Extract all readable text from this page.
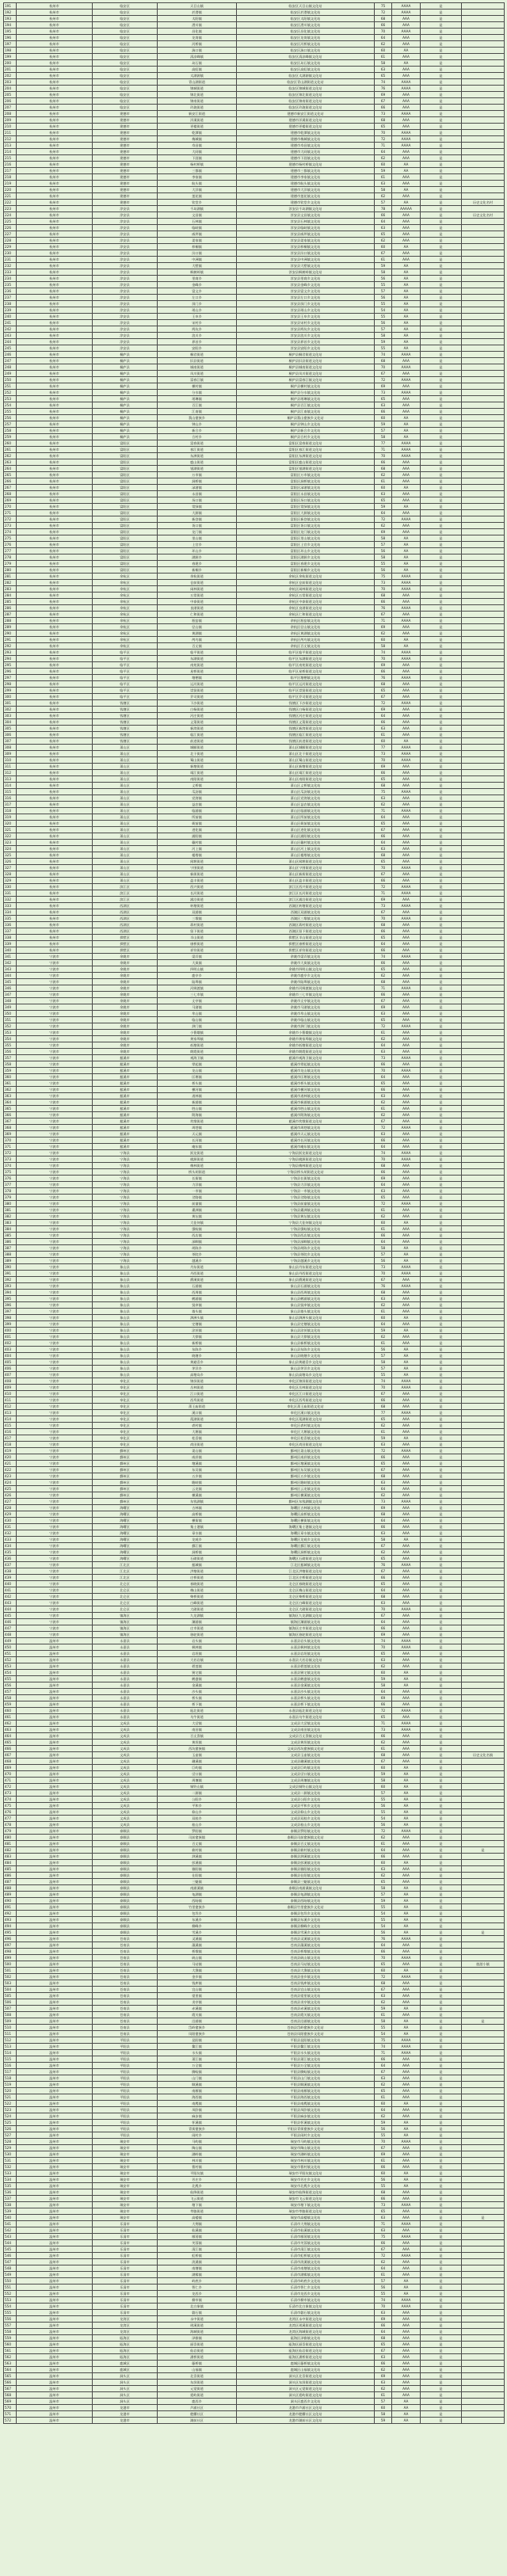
191	杭州市	临安区	天目山镇	临安区天目山镇文化站	75	AAAA	是	
192	杭州市	临安区	於潜镇	临安区於潜镇文化站	72	AAAA	是	
193	杭州市	临安区	太阳镇	临安区太阳镇文化站	68	AAA	是	
194	杭州市	临安区	潜川镇	临安区潜川镇文化站	66	AAA	是	
195	杭州市	临安区	昌化镇	临安区昌化镇文化站	70	AAAA	是	
196	杭州市	临安区	龙岗镇	临安区龙岗镇文化站	64	AAA	是	
197	杭州市	临安区	河桥镇	临安区河桥镇文化站	62	AAA	是	
198	杭州市	临安区	湍口镇	临安区湍口镇文化站	60	AA	是	
199	杭州市	临安区	清凉峰镇	临安区清凉峰镇文化站	61	AAA	是	
200	杭州市	临安区	岛石镇	临安区岛石镇文化站	58	AA	是	
201	杭州市	临安区	高虹镇	临安区高虹镇文化站	63	AAA	是	
202	杭州市	临安区	太湖源镇	临安区太湖源镇文化站	65	AAA	是	
203	杭州市	临安区	青山湖街道	临安区青山湖街道文化站	74	AAAA	是	
204	杭州市	临安区	锦城街道	临安区锦城街道文化站	76	AAAA	是	
205	杭州市	临安区	锦北街道	临安区锦北街道文化站	69	AAA	是	
206	杭州市	临安区	锦南街道	临安区锦南街道文化站	67	AAA	是	
207	杭州市	临安区	玲珑街道	临安区玲珑街道文化站	66	AAA	是	
208	杭州市	建德市	新安江街道	建德市新安江街道文化站	73	AAAA	是	
209	杭州市	建德市	洋溪街道	建德市洋溪街道文化站	68	AAA	是	
210	杭州市	建德市	更楼街道	建德市更楼街道文化站	65	AAA	是	
211	杭州市	建德市	乾潭镇	建德市乾潭镇文化站	70	AAAA	是	
212	杭州市	建德市	梅城镇	建德市梅城镇文化站	72	AAAA	是	
213	杭州市	建德市	寿昌镇	建德市寿昌镇文化站	71	AAAA	是	
214	杭州市	建德市	大同镇	建德市大同镇文化站	64	AAA	是	
215	杭州市	建德市	下涯镇	建德市下涯镇文化站	62	AAA	是	
216	杭州市	建德市	杨村桥镇	建德市杨村桥镇文化站	60	AA	是	
217	杭州市	建德市	三都镇	建德市三都镇文化站	59	AA	是	
218	杭州市	建德市	李家镇	建德市李家镇文化站	61	AAA	是	
219	杭州市	建德市	航头镇	建德市航头镇文化站	63	AAA	是	
220	杭州市	建德市	大洋镇	建德市大洋镇文化站	58	AA	是	
221	杭州市	建德市	莲花镇	建德市莲花镇文化站	62	AAA	是	
222	杭州市	建德市	钦堂乡	建德市钦堂乡文化站	57	AA	是	历史文化名村
223	杭州市	淳安县	千岛湖镇	淳安县千岛湖镇文化站	78	AAAAA	是	
224	杭州市	淳安县	文昌镇	淳安县文昌镇文化站	66	AAA	是	历史文化名村
225	杭州市	淳安县	石林镇	淳安县石林镇文化站	64	AAA	是	
226	杭州市	淳安县	临岐镇	淳安县临岐镇文化站	63	AAA	是	
227	杭州市	淳安县	威坪镇	淳安县威坪镇文化站	65	AAA	是	
228	杭州市	淳安县	姜家镇	淳安县姜家镇文化站	62	AAA	是	
229	杭州市	淳安县	梓桐镇	淳安县梓桐镇文化站	60	AA	是	
230	杭州市	淳安县	汾口镇	淳安县汾口镇文化站	67	AAA	是	
231	杭州市	淳安县	中洲镇	淳安县中洲镇文化站	61	AAA	是	
232	杭州市	淳安县	大墅镇	淳安县大墅镇文化站	59	AA	是	
233	杭州市	淳安县	枫树岭镇	淳安县枫树岭镇文化站	58	AA	是	
234	杭州市	淳安县	里商乡	淳安县里商乡文化站	56	AA	是	
235	杭州市	淳安县	金峰乡	淳安县金峰乡文化站	55	AA	是	
236	杭州市	淳安县	富文乡	淳安县富文乡文化站	57	AA	是	
237	杭州市	淳安县	左口乡	淳安县左口乡文化站	56	AA	是	
238	杭州市	淳安县	屏门乡	淳安县屏门乡文化站	55	AA	是	
239	杭州市	淳安县	瑶山乡	淳安县瑶山乡文化站	54	AA	是	
240	杭州市	淳安县	王阜乡	淳安县王阜乡文化站	55	AA	是	
241	杭州市	淳安县	宋村乡	淳安县宋村乡文化站	56	AA	是	
242	杭州市	淳安县	鸠坑乡	淳安县鸠坑乡文化站	57	AA	是	
243	杭州市	淳安县	浪川乡	淳安县浪川乡文化站	58	AA	是	
244	杭州市	淳安县	界首乡	淳安县界首乡文化站	59	AA	是	
245	杭州市	淳安县	安阳乡	淳安县安阳乡文化站	55	AA	是	
246	杭州市	桐庐县	桐君街道	桐庐县桐君街道文化站	74	AAAA	是	
247	杭州市	桐庐县	旧县街道	桐庐县旧县街道文化站	68	AAA	是	
248	杭州市	桐庐县	城南街道	桐庐县城南街道文化站	70	AAAA	是	
249	杭州市	桐庐县	凤川街道	桐庐县凤川街道文化站	67	AAA	是	
250	杭州市	桐庐县	富春江镇	桐庐县富春江镇文化站	72	AAAA	是	
251	杭州市	桐庐县	横村镇	桐庐县横村镇文化站	69	AAA	是	
252	杭州市	桐庐县	分水镇	桐庐县分水镇文化站	73	AAAA	是	
253	杭州市	桐庐县	瑶琳镇	桐庐县瑶琳镇文化站	65	AAA	是	
254	杭州市	桐庐县	百江镇	桐庐县百江镇文化站	63	AAA	是	
255	杭州市	桐庐县	江南镇	桐庐县江南镇文化站	66	AAA	是	
256	杭州市	桐庐县	莪山畲族乡	桐庐县莪山畲族乡文化站	60	AA	是	
257	杭州市	桐庐县	钟山乡	桐庐县钟山乡文化站	59	AA	是	
258	杭州市	桐庐县	新合乡	桐庐县新合乡文化站	57	AA	是	
259	杭州市	桐庐县	合村乡	桐庐县合村乡文化站	58	AA	是	
260	杭州市	富阳区	富春街道	富阳区富春街道文化站	77	AAAA	是	
261	杭州市	富阳区	春江街道	富阳区春江街道文化站	71	AAAA	是	
262	杭州市	富阳区	东洲街道	富阳区东洲街道文化站	70	AAAA	是	
263	杭州市	富阳区	鹿山街道	富阳区鹿山街道文化站	66	AAA	是	
264	杭州市	富阳区	银湖街道	富阳区银湖街道文化站	68	AAA	是	
265	杭州市	富阳区	万市镇	富阳区万市镇文化站	62	AAA	是	
266	杭州市	富阳区	洞桥镇	富阳区洞桥镇文化站	61	AAA	是	
267	杭州市	富阳区	渌渚镇	富阳区渌渚镇文化站	60	AA	是	
268	杭州市	富阳区	永昌镇	富阳区永昌镇文化站	63	AAA	是	
269	杭州市	富阳区	场口镇	富阳区场口镇文化站	65	AAA	是	
270	杭州市	富阳区	常绿镇	富阳区常绿镇文化站	59	AA	是	
271	杭州市	富阳区	大源镇	富阳区大源镇文化站	64	AAA	是	
272	杭州市	富阳区	新登镇	富阳区新登镇文化站	72	AAAA	是	
273	杭州市	富阳区	胥口镇	富阳区胥口镇文化站	62	AAA	是	
274	杭州市	富阳区	龙门镇	富阳区龙门镇文化站	69	AAA	是	
275	杭州市	富阳区	里山镇	富阳区里山镇文化站	58	AA	是	
276	杭州市	富阳区	上官乡	富阳区上官乡文化站	57	AA	是	
277	杭州市	富阳区	环山乡	富阳区环山乡文化站	56	AA	是	
278	杭州市	富阳区	湖源乡	富阳区湖源乡文化站	58	AA	是	
279	杭州市	富阳区	春建乡	富阳区春建乡文化站	55	AA	是	
280	杭州市	富阳区	新桐乡	富阳区新桐乡文化站	56	AA	是	
281	杭州市	余杭区	余杭街道	余杭区余杭街道文化站	75	AAAA	是	
282	杭州市	余杭区	仓前街道	余杭区仓前街道文化站	73	AAAA	是	
283	杭州市	余杭区	闲林街道	余杭区闲林街道文化站	70	AAAA	是	
284	杭州市	余杭区	五常街道	余杭区五常街道文化站	68	AAA	是	
285	杭州市	余杭区	中泰街道	余杭区中泰街道文化站	66	AAA	是	
286	杭州市	余杭区	良渚街道	余杭区良渚街道文化站	76	AAAA	是	
287	杭州市	余杭区	仁和街道	余杭区仁和街道文化站	67	AAA	是	
288	杭州市	余杭区	瓶窑镇	余杭区瓶窑镇文化站	71	AAAA	是	
289	杭州市	余杭区	径山镇	余杭区径山镇文化站	69	AAA	是	
290	杭州市	余杭区	黄湖镇	余杭区黄湖镇文化站	62	AAA	是	
291	杭州市	余杭区	鸬鸟镇	余杭区鸬鸟镇文化站	60	AA	是	
292	杭州市	余杭区	百丈镇	余杭区百丈镇文化站	58	AA	是	
293	杭州市	临平区	临平街道	临平区临平街道文化站	74	AAAA	是	
294	杭州市	临平区	东湖街道	临平区东湖街道文化站	70	AAAA	是	
295	杭州市	临平区	南苑街道	临平区南苑街道文化站	69	AAA	是	
296	杭州市	临平区	星桥街道	临平区星桥街道文化站	66	AAA	是	
297	杭州市	临平区	塘栖镇	临平区塘栖镇文化站	76	AAAA	是	
298	杭州市	临平区	运河街道	临平区运河街道文化站	68	AAA	是	
299	杭州市	临平区	崇贤街道	临平区崇贤街道文化站	65	AAA	是	
300	杭州市	临平区	乔司街道	临平区乔司街道文化站	67	AAA	是	
301	杭州市	钱塘区	下沙街道	钱塘区下沙街道文化站	72	AAAA	是	
302	杭州市	钱塘区	白杨街道	钱塘区白杨街道文化站	69	AAA	是	
303	杭州市	钱塘区	河庄街道	钱塘区河庄街道文化站	64	AAA	是	
304	杭州市	钱塘区	义蓬街道	钱塘区义蓬街道文化站	66	AAA	是	
305	杭州市	钱塘区	新湾街道	钱塘区新湾街道文化站	63	AAA	是	
306	杭州市	钱塘区	临江街道	钱塘区临江街道文化站	61	AAA	是	
307	杭州市	钱塘区	前进街道	钱塘区前进街道文化站	60	AA	是	
308	杭州市	萧山区	城厢街道	萧山区城厢街道文化站	77	AAAA	是	
309	杭州市	萧山区	北干街道	萧山区北干街道文化站	73	AAAA	是	
310	杭州市	萧山区	蜀山街道	萧山区蜀山街道文化站	70	AAAA	是	
311	杭州市	萧山区	新塘街道	萧山区新塘街道文化站	69	AAA	是	
312	杭州市	萧山区	靖江街道	萧山区靖江街道文化站	66	AAA	是	
313	杭州市	萧山区	南阳街道	萧山区南阳街道文化站	65	AAA	是	
314	杭州市	萧山区	义桥镇	萧山区义桥镇文化站	68	AAA	是	
315	杭州市	萧山区	瓜沥镇	萧山区瓜沥镇文化站	75	AAAA	是	
316	杭州市	萧山区	党湾镇	萧山区党湾镇文化站	63	AAA	是	
317	杭州市	萧山区	益农镇	萧山区益农镇文化站	62	AAA	是	
318	杭州市	萧山区	临浦镇	萧山区临浦镇文化站	71	AAAA	是	
319	杭州市	萧山区	所前镇	萧山区所前镇文化站	64	AAA	是	
320	杭州市	萧山区	衙前镇	萧山区衙前镇文化站	65	AAA	是	
321	杭州市	萧山区	进化镇	萧山区进化镇文化站	67	AAA	是	
322	杭州市	萧山区	浦阳镇	萧山区浦阳镇文化站	66	AAA	是	
323	杭州市	萧山区	戴村镇	萧山区戴村镇文化站	64	AAA	是	
324	杭州市	萧山区	河上镇	萧山区河上镇文化站	63	AAA	是	
325	杭州市	萧山区	楼塔镇	萧山区楼塔镇文化站	68	AAA	是	
326	杭州市	萧山区	闻堰街道	萧山区闻堰街道文化站	65	AAA	是	
327	杭州市	萧山区	宁围街道	萧山区宁围街道文化站	70	AAAA	是	
328	杭州市	萧山区	新街街道	萧山区新街街道文化站	67	AAA	是	
329	杭州市	萧山区	盈丰街道	萧山区盈丰街道文化站	66	AAA	是	
330	杭州市	滨江区	西兴街道	滨江区西兴街道文化站	72	AAAA	是	
331	杭州市	滨江区	长河街道	滨江区长河街道文化站	71	AAAA	是	
332	杭州市	滨江区	浦沿街道	滨江区浦沿街道文化站	69	AAA	是	
333	杭州市	西湖区	转塘街道	西湖区转塘街道文化站	73	AAAA	是	
334	杭州市	西湖区	双浦镇	西湖区双浦镇文化站	67	AAA	是	
335	杭州市	西湖区	三墩镇	西湖区三墩镇文化站	70	AAAA	是	
336	杭州市	西湖区	蒋村街道	西湖区蒋村街道文化站	68	AAA	是	
337	杭州市	西湖区	留下街道	西湖区留下街道文化站	66	AAA	是	
338	杭州市	拱墅区	半山街道	拱墅区半山街道文化站	65	AAA	是	
339	杭州市	拱墅区	康桥街道	拱墅区康桥街道文化站	64	AAA	是	
340	杭州市	拱墅区	祥符街道	拱墅区祥符街道文化站	66	AAA	是	
341	宁波市	余姚市	梁弄镇	余姚市梁弄镇文化站	74	AAAA	是	
342	宁波市	余姚市	大岚镇	余姚市大岚镇文化站	66	AAA	是	
343	宁波市	余姚市	四明山镇	余姚市四明山镇文化站	65	AAA	是	
344	宁波市	余姚市	鹿亭乡	余姚市鹿亭乡文化站	62	AAA	是	
345	宁波市	余姚市	陆埠镇	余姚市陆埠镇文化站	68	AAA	是	
346	宁波市	余姚市	河姆渡镇	余姚市河姆渡镇文化站	71	AAAA	是	
347	宁波市	余姚市	三七市镇	余姚市三七市镇文化站	66	AAA	是	
348	宁波市	余姚市	丈亭镇	余姚市丈亭镇文化站	67	AAA	是	
349	宁波市	余姚市	马渚镇	余姚市马渚镇文化站	69	AAA	是	
350	宁波市	余姚市	牟山镇	余姚市牟山镇文化站	63	AAA	是	
351	宁波市	余姚市	临山镇	余姚市临山镇文化站	65	AAA	是	
352	宁波市	余姚市	泗门镇	余姚市泗门镇文化站	72	AAAA	是	
353	宁波市	余姚市	小曹娥镇	余姚市小曹娥镇文化站	61	AAA	是	
354	宁波市	余姚市	黄家埠镇	余姚市黄家埠镇文化站	62	AAA	是	
355	宁波市	余姚市	低塘街道	余姚市低塘街道文化站	64	AAA	是	
356	宁波市	余姚市	朗霞街道	余姚市朗霞街道文化站	63	AAA	是	
357	宁波市	慈溪市	观海卫镇	慈溪市观海卫镇文化站	73	AAAA	是	
358	宁波市	慈溪市	掌起镇	慈溪市掌起镇文化站	66	AAA	是	
359	宁波市	慈溪市	龙山镇	慈溪市龙山镇文化站	70	AAAA	是	
360	宁波市	慈溪市	匡堰镇	慈溪市匡堰镇文化站	64	AAA	是	
361	宁波市	慈溪市	桥头镇	慈溪市桥头镇文化站	65	AAA	是	
362	宁波市	慈溪市	横河镇	慈溪市横河镇文化站	66	AAA	是	
363	宁波市	慈溪市	逍林镇	慈溪市逍林镇文化站	63	AAA	是	
364	宁波市	慈溪市	新浦镇	慈溪市新浦镇文化站	62	AAA	是	
365	宁波市	慈溪市	胜山镇	慈溪市胜山镇文化站	61	AAA	是	
366	宁波市	慈溪市	附海镇	慈溪市附海镇文化站	62	AAA	是	
367	宁波市	慈溪市	坎墩街道	慈溪市坎墩街道文化站	67	AAA	是	
368	宁波市	慈溪市	周巷镇	慈溪市周巷镇文化站	72	AAAA	是	
369	宁波市	慈溪市	天元镇	慈溪市天元镇文化站	63	AAA	是	
370	宁波市	慈溪市	长河镇	慈溪市长河镇文化站	66	AAA	是	
371	宁波市	慈溪市	庵东镇	慈溪市庵东镇文化站	64	AAA	是	
372	宁波市	宁海县	跃龙街道	宁海县跃龙街道文化站	74	AAAA	是	
373	宁波市	宁海县	桃源街道	宁海县桃源街道文化站	70	AAAA	是	
374	宁波市	宁海县	梅林街道	宁海县梅林街道文化站	68	AAA	是	
375	宁波市	宁海县	桥头胡街道	宁海县桥头胡街道文化站	66	AAA	是	
376	宁波市	宁海县	长街镇	宁海县长街镇文化站	69	AAA	是	
377	宁波市	宁海县	力洋镇	宁海县力洋镇文化站	64	AAA	是	
378	宁波市	宁海县	一市镇	宁海县一市镇文化站	63	AAA	是	
379	宁波市	宁海县	岔路镇	宁海县岔路镇文化站	65	AAA	是	
380	宁波市	宁海县	前童镇	宁海县前童镇文化站	72	AAAA	是	
381	宁波市	宁海县	桑洲镇	宁海县桑洲镇文化站	61	AAA	是	
382	宁波市	宁海县	黄坛镇	宁海县黄坛镇文化站	62	AAA	是	
383	宁波市	宁海县	大佳何镇	宁海县大佳何镇文化站	60	AA	是	
384	宁波市	宁海县	强蛟镇	宁海县强蛟镇文化站	61	AAA	是	
385	宁波市	宁海县	西店镇	宁海县西店镇文化站	66	AAA	是	
386	宁波市	宁海县	深甽镇	宁海县深甽镇文化站	64	AAA	是	
387	宁波市	宁海县	胡陈乡	宁海县胡陈乡文化站	58	AA	是	
388	宁波市	宁海县	茶院乡	宁海县茶院乡文化站	57	AA	是	
389	宁波市	宁海县	越溪乡	宁海县越溪乡文化站	56	AA	是	
390	宁波市	象山县	丹东街道	象山县丹东街道文化站	73	AAAA	是	
391	宁波市	象山县	丹西街道	象山县丹西街道文化站	70	AAAA	是	
392	宁波市	象山县	爵溪街道	象山县爵溪街道文化站	67	AAA	是	
393	宁波市	象山县	石浦镇	象山县石浦镇文化站	76	AAAA	是	
394	宁波市	象山县	西周镇	象山县西周镇文化站	68	AAA	是	
395	宁波市	象山县	鹤浦镇	象山县鹤浦镇文化站	63	AAA	是	
396	宁波市	象山县	贤庠镇	象山县贤庠镇文化站	62	AAA	是	
397	宁波市	象山县	墙头镇	象山县墙头镇文化站	61	AAA	是	
398	宁波市	象山县	泗洲头镇	象山县泗洲头镇文化站	60	AA	是	
399	宁波市	象山县	定塘镇	象山县定塘镇文化站	64	AAA	是	
400	宁波市	象山县	涂茨镇	象山县涂茨镇文化站	59	AA	是	
401	宁波市	象山县	大徐镇	象山县大徐镇文化站	62	AAA	是	
402	宁波市	象山县	新桥镇	象山县新桥镇文化站	61	AAA	是	
403	宁波市	象山县	东陈乡	象山县东陈乡文化站	56	AA	是	
404	宁波市	象山县	晓塘乡	象山县晓塘乡文化站	57	AA	是	
405	宁波市	象山县	黄避岙乡	象山县黄避岙乡文化站	58	AA	是	
406	宁波市	象山县	茅洋乡	象山县茅洋乡文化站	57	AA	是	
407	宁波市	象山县	高塘岛乡	象山县高塘岛乡文化站	55	AA	是	
408	宁波市	奉化区	锦屏街道	奉化区锦屏街道文化站	74	AAAA	是	
409	宁波市	奉化区	岳林街道	奉化区岳林街道文化站	70	AAAA	是	
410	宁波市	奉化区	江口街道	奉化区江口街道文化站	67	AAA	是	
411	宁波市	奉化区	西坞街道	奉化区西坞街道文化站	66	AAA	是	
412	宁波市	奉化区	萧王庙街道	奉化区萧王庙街道文化站	68	AAA	是	
413	宁波市	奉化区	溪口镇	奉化区溪口镇文化站	77	AAAA	是	
414	宁波市	奉化区	莼湖街道	奉化区莼湖街道文化站	65	AAA	是	
415	宁波市	奉化区	裘村镇	奉化区裘村镇文化站	62	AAA	是	
416	宁波市	奉化区	大堰镇	奉化区大堰镇文化站	61	AAA	是	
417	宁波市	奉化区	松岙镇	奉化区松岙镇文化站	59	AA	是	
418	宁波市	奉化区	尚田街道	奉化区尚田街道文化站	63	AAA	是	
419	宁波市	鄞州区	姜山镇	鄞州区姜山镇文化站	72	AAAA	是	
420	宁波市	鄞州区	咸祥镇	鄞州区咸祥镇文化站	66	AAA	是	
421	宁波市	鄞州区	塘溪镇	鄞州区塘溪镇文化站	65	AAA	是	
422	宁波市	鄞州区	东吴镇	鄞州区东吴镇文化站	67	AAA	是	
423	宁波市	鄞州区	五乡镇	鄞州区五乡镇文化站	68	AAA	是	
424	宁波市	鄞州区	瞻岐镇	鄞州区瞻岐镇文化站	63	AAA	是	
425	宁波市	鄞州区	云龙镇	鄞州区云龙镇文化站	64	AAA	是	
426	宁波市	鄞州区	横溪镇	鄞州区横溪镇文化站	62	AAA	是	
427	宁波市	鄞州区	东钱湖镇	鄞州区东钱湖镇文化站	73	AAAA	是	
428	宁波市	海曙区	古林镇	海曙区古林镇文化站	69	AAA	是	
429	宁波市	海曙区	高桥镇	海曙区高桥镇文化站	68	AAA	是	
430	宁波市	海曙区	横街镇	海曙区横街镇文化站	64	AAA	是	
431	宁波市	海曙区	集士港镇	海曙区集士港镇文化站	66	AAA	是	
432	宁波市	海曙区	章水镇	海曙区章水镇文化站	63	AAA	是	
433	宁波市	海曙区	龙观乡	海曙区龙观乡文化站	58	AA	是	
434	宁波市	海曙区	鄞江镇	海曙区鄞江镇文化站	67	AAA	是	
435	宁波市	海曙区	洞桥镇	海曙区洞桥镇文化站	62	AAA	是	
436	宁波市	海曙区	石碶街道	海曙区石碶街道文化站	65	AAA	是	
437	宁波市	江北区	慈城镇	江北区慈城镇文化站	76	AAAA	是	
438	宁波市	江北区	洪塘街道	江北区洪塘街道文化站	67	AAA	是	
439	宁波市	江北区	庄桥街道	江北区庄桥街道文化站	66	AAA	是	
440	宁波市	北仑区	春晓街道	北仑区春晓街道文化站	65	AAA	是	
441	宁波市	北仑区	梅山街道	北仑区梅山街道文化站	64	AAA	是	
442	宁波市	北仑区	柴桥街道	北仑区柴桥街道文化站	68	AAA	是	
443	宁波市	北仑区	白峰街道	北仑区白峰街道文化站	63	AAA	是	
444	宁波市	北仑区	大碶街道	北仑区大碶街道文化站	70	AAAA	是	
445	宁波市	镇海区	九龙湖镇	镇海区九龙湖镇文化站	67	AAA	是	
446	宁波市	镇海区	澥浦镇	镇海区澥浦镇文化站	64	AAA	是	
447	宁波市	镇海区	庄市街道	镇海区庄市街道文化站	66	AAA	是	
448	宁波市	镇海区	骆驼街道	镇海区骆驼街道文化站	69	AAA	是	
449	温州市	永嘉县	岩头镇	永嘉县岩头镇文化站	74	AAAA	是	
450	温州市	永嘉县	枫林镇	永嘉县枫林镇文化站	70	AAAA	是	
451	温州市	永嘉县	岩坦镇	永嘉县岩坦镇文化站	65	AAA	是	
452	温州市	永嘉县	大若岩镇	永嘉县大若岩镇文化站	63	AAA	是	
453	温州市	永嘉县	碧莲镇	永嘉县碧莲镇文化站	62	AAA	是	
454	温州市	永嘉县	巽宅镇	永嘉县巽宅镇文化站	60	AA	是	
455	温州市	永嘉县	鹤盛镇	永嘉县鹤盛镇文化站	59	AA	是	
456	温州市	永嘉县	金溪镇	永嘉县金溪镇文化站	58	AA	是	
457	温州市	永嘉县	沙头镇	永嘉县沙头镇文化站	64	AAA	是	
458	温州市	永嘉县	桥头镇	永嘉县桥头镇文化站	69	AAA	是	
459	温州市	永嘉县	桥下镇	永嘉县桥下镇文化站	66	AAA	是	
460	温州市	永嘉县	瓯北街道	永嘉县瓯北街道文化站	72	AAAA	是	
461	温州市	永嘉县	乌牛街道	永嘉县乌牛街道文化站	65	AAA	是	
462	温州市	文成县	大峃镇	文成县大峃镇文化站	71	AAAA	是	
463	温州市	文成县	南田镇	文成县南田镇文化站	73	AAAA	是	
464	温州市	文成县	百丈漈镇	文成县百丈漈镇文化站	66	AAA	是	
465	温州市	文成县	黄坦镇	文成县黄坦镇文化站	62	AAA	是	
466	温州市	文成县	西坑畲族镇	文成县西坑畲族镇文化站	61	AAA	是	
467	温州市	文成县	玉壶镇	文成县玉壶镇文化站	68	AAA	是	历史文化名镇
468	温州市	文成县	珊溪镇	文成县珊溪镇文化站	67	AAA	是	
469	温州市	文成县	巨屿镇	文成县巨屿镇文化站	60	AA	是	
470	温州市	文成县	峃口镇	文成县峃口镇文化站	59	AA	是	
471	温州市	文成县	周壤镇	文成县周壤镇文化站	58	AA	是	
472	温州市	文成县	铜铃山镇	文成县铜铃山镇文化站	60	AA	是	
473	温州市	文成县	二源镇	文成县二源镇文化站	57	AA	是	
474	温州市	文成县	公阳乡	文成县公阳乡文化站	55	AA	是	
475	温州市	文成县	平和乡	文成县平和乡文化站	56	AA	是	
476	温州市	文成县	仰山乡	文成县仰山乡文化站	55	AA	是	
477	温州市	文成县	双桂乡	文成县双桂乡文化站	54	AA	是	
478	温州市	文成县	桂山乡	文成县桂山乡文化站	56	AA	是	
479	温州市	泰顺县	罗阳镇	泰顺县罗阳镇文化站	72	AAAA	是	
480	温州市	泰顺县	司前畲族镇	泰顺县司前畲族镇文化站	62	AAA	是	
481	温州市	泰顺县	百丈镇	泰顺县百丈镇文化站	61	AAA	是	
482	温州市	泰顺县	筱村镇	泰顺县筱村镇文化站	64	AAA	是	是
483	温州市	泰顺县	泗溪镇	泰顺县泗溪镇文化站	66	AAA	是	
484	温州市	泰顺县	彭溪镇	泰顺县彭溪镇文化站	60	AA	是	
485	温州市	泰顺县	雅阳镇	泰顺县雅阳镇文化站	63	AAA	是	
486	温州市	泰顺县	仕阳镇	泰顺县仕阳镇文化站	62	AAA	是	
487	温州市	泰顺县	三魁镇	泰顺县三魁镇文化站	65	AAA	是	
488	温州市	泰顺县	南浦溪镇	泰顺县南浦溪镇文化站	58	AA	是	
489	温州市	泰顺县	龟湖镇	泰顺县龟湖镇文化站	57	AA	是	
490	温州市	泰顺县	西旸镇	泰顺县西旸镇文化站	59	AA	是	
491	温州市	泰顺县	竹里畲族乡	泰顺县竹里畲族乡文化站	55	AA	是	
492	温州市	泰顺县	包垟乡	泰顺县包垟乡文化站	54	AA	是	
493	温州市	泰顺县	东溪乡	泰顺县东溪乡文化站	55	AA	是	
494	温州市	泰顺县	柳峰乡	泰顺县柳峰乡文化站	54	AA	是	
495	温州市	泰顺县	雪溪乡	泰顺县雪溪乡文化站	56	AA	是	是
496	温州市	苍南县	灵溪镇	苍南县灵溪镇文化站	76	AAAA	是	
497	温州市	苍南县	藻溪镇	苍南县藻溪镇文化站	64	AAA	是	
498	温州市	苍南县	桥墩镇	苍南县桥墩镇文化站	66	AAA	是	
499	温州市	苍南县	矾山镇	苍南县矾山镇文化站	70	AAAA	是	
500	温州市	苍南县	马站镇	苍南县马站镇文化站	65	AAA	是	旅游小镇
501	温州市	苍南县	大渔镇	苍南县大渔镇文化站	60	AA	是	
502	温州市	苍南县	金乡镇	苍南县金乡镇文化站	72	AAAA	是	
503	温州市	苍南县	钱库镇	苍南县钱库镇文化站	68	AAA	是	
504	温州市	苍南县	宜山镇	苍南县宜山镇文化站	67	AAA	是	
505	温州市	苍南县	望里镇	苍南县望里镇文化站	63	AAA	是	
506	温州市	苍南县	炎亭镇	苍南县炎亭镇文化站	62	AAA	是	
507	温州市	苍南县	赤溪镇	苍南县赤溪镇文化站	59	AA	是	
508	温州市	苍南县	霞关镇	苍南县霞关镇文化站	61	AAA	是	
509	温州市	苍南县	沿浦镇	苍南县沿浦镇文化站	58	AA	是	是
510	温州市	苍南县	岱岭畲族乡	苍南县岱岭畲族乡文化站	55	AA	是	
511	温州市	苍南县	凤阳畲族乡	苍南县凤阳畲族乡文化站	54	AA	是	
512	温州市	平阳县	昆阳镇	平阳县昆阳镇文化站	75	AAAA	是	
513	温州市	平阳县	鳌江镇	平阳县鳌江镇文化站	74	AAAA	是	
514	温州市	平阳县	水头镇	平阳县水头镇文化站	71	AAAA	是	
515	温州市	平阳县	萧江镇	平阳县萧江镇文化站	66	AAA	是	
516	温州市	平阳县	万全镇	平阳县万全镇文化站	64	AAA	是	
517	温州市	平阳县	腾蛟镇	平阳县腾蛟镇文化站	67	AAA	是	
518	温州市	平阳县	山门镇	平阳县山门镇文化站	63	AAA	是	
519	温州市	平阳县	顺溪镇	平阳县顺溪镇文化站	62	AAA	是	
520	温州市	平阳县	南雁镇	平阳县南雁镇文化站	65	AAA	是	
521	温州市	平阳县	海西镇	平阳县海西镇文化站	61	AAA	是	
522	温州市	平阳县	南麂镇	平阳县南麂镇文化站	60	AA	是	
523	温州市	平阳县	凤卧镇	平阳县凤卧镇文化站	64	AAA	是	
524	温州市	平阳县	麻步镇	平阳县麻步镇文化站	62	AAA	是	
525	温州市	平阳县	怀溪镇	平阳县怀溪镇文化站	59	AA	是	
526	温州市	平阳县	青街畲族乡	平阳县青街畲族乡文化站	56	AA	是	
527	温州市	平阳县	闹村乡	平阳县闹村乡文化站	55	AA	是	
528	温州市	瑞安市	马屿镇	瑞安市马屿镇文化站	70	AAAA	是	
529	温州市	瑞安市	陶山镇	瑞安市陶山镇文化站	67	AAA	是	
530	温州市	瑞安市	湖岭镇	瑞安市湖岭镇文化站	69	AAA	是	
531	温州市	瑞安市	林川镇	瑞安市林川镇文化站	61	AAA	是	
532	温州市	瑞安市	曹村镇	瑞安市曹村镇文化站	66	AAA	是	
533	温州市	瑞安市	平阳坑镇	瑞安市平阳坑镇文化站	60	AA	是	
534	温州市	瑞安市	芳庄乡	瑞安市芳庄乡文化站	56	AA	是	
535	温州市	瑞安市	北麂乡	瑞安市北麂乡文化站	55	AA	是	
536	温州市	瑞安市	仙降街道	瑞安市仙降街道文化站	68	AAA	是	
537	温州市	瑞安市	飞云街道	瑞安市飞云街道文化站	66	AAA	是	
538	温州市	瑞安市	塘下镇	瑞安市塘下镇文化站	73	AAAA	是	
539	温州市	瑞安市	莘塍街道	瑞安市莘塍街道文化站	65	AAA	是	
540	温州市	瑞安市	高楼镇	瑞安市高楼镇文化站	63	AAA	是	是
541	温州市	乐清市	大荆镇	乐清市大荆镇文化站	71	AAAA	是	
542	温州市	乐清市	仙溪镇	乐清市仙溪镇文化站	63	AAA	是	
543	温州市	乐清市	雁荡镇	乐清市雁荡镇文化站	75	AAAA	是	
544	温州市	乐清市	芙蓉镇	乐清市芙蓉镇文化站	66	AAA	是	
545	温州市	乐清市	清江镇	乐清市清江镇文化站	67	AAA	是	
546	温州市	乐清市	虹桥镇	乐清市虹桥镇文化站	72	AAAA	是	
547	温州市	乐清市	淡溪镇	乐清市淡溪镇文化站	62	AAA	是	
548	温州市	乐清市	南塘镇	乐清市南塘镇文化站	64	AAA	是	
549	温州市	乐清市	湖雾镇	乐清市湖雾镇文化站	61	AAA	是	
550	温州市	乐清市	岭底乡	乐清市岭底乡文化站	57	AA	是	
551	温州市	乐清市	智仁乡	乐清市智仁乡文化站	56	AA	是	
552	温州市	乐清市	龙西乡	乐清市龙西乡文化站	55	AA	是	
553	温州市	乐清市	柳市镇	乐清市柳市镇文化站	74	AAAA	是	
554	温州市	乐清市	北白象镇	乐清市北白象镇文化站	70	AAAA	是	
555	温州市	乐清市	磐石镇	乐清市磐石镇文化站	63	AAA	是	
556	温州市	龙湾区	永中街道	龙湾区永中街道文化站	69	AAA	是	
557	温州市	龙湾区	瑶溪街道	龙湾区瑶溪街道文化站	66	AAA	是	
558	温州市	龙湾区	海城街道	龙湾区海城街道文化站	64	AAA	是	
559	温州市	瓯海区	泽雅镇	瓯海区泽雅镇文化站	68	AAA	是	
560	温州市	瓯海区	丽岙街道	瓯海区丽岙街道文化站	65	AAA	是	
561	温州市	瓯海区	仙岩街道	瓯海区仙岩街道文化站	67	AAA	是	
562	温州市	瓯海区	潘桥街道	瓯海区潘桥街道文化站	63	AAA	是	
563	温州市	鹿城区	藤桥镇	鹿城区藤桥镇文化站	66	AAA	是	
564	温州市	鹿城区	山福镇	鹿城区山福镇文化站	62	AAA	是	
565	温州市	洞头区	北岙街道	洞头区北岙街道文化站	69	AAA	是	
566	温州市	洞头区	东屏街道	洞头区东屏街道文化站	63	AAA	是	
567	温州市	洞头区	元觉街道	洞头区元觉街道文化站	62	AAA	是	
568	温州市	洞头区	霓屿街道	洞头区霓屿街道文化站	61	AAA	是	
569	温州市	洞头区	鹿西乡	洞头区鹿西乡文化站	57	AA	是	
570	温州市	龙港市	芦浦社区	龙港市芦浦社区文化站	60	AA	是	
571	温州市	龙港市	舥艚社区	龙港市舥艚社区文化站	58	AA	是	
572	温州市	龙港市	湖前社区	龙港市湖前社区文化站	59	AA	是	
